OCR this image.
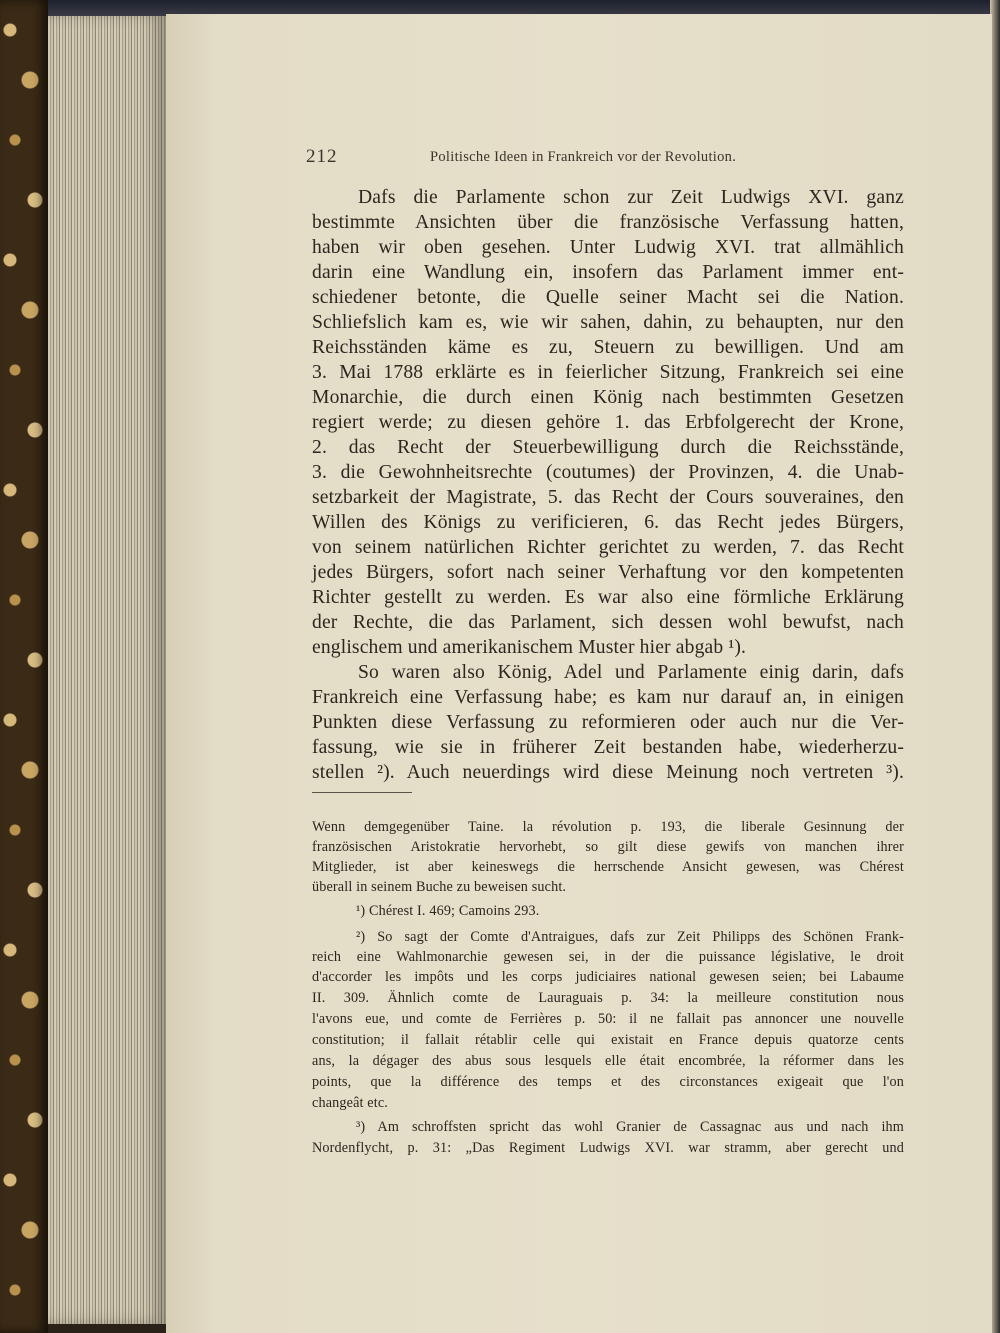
212	Politische Ideen in Frankreich vor der Revolution.
Dafs die Parlamente schon zur Zeit Ludwigs XVI. ganz
bestimmte Ansichten über die französische Verfassung hatten,
haben wir oben gesehen. Unter Ludwig XVI. trat allmählich
darin eine Wandlung ein, insofern das Parlament immer ent-
schiedener betonte, die Quelle seiner Macht sei die Nation.
Schliefslich kam es, wie wir sahen, dahin, zu behaupten, nur den
Reichsständen käme es zu, Steuern zu bewilligen. Und am
3. Mai 1788 erklärte es in feierlicher Sitzung, Frankreich sei eine
Monarchie, die durch einen König nach bestimmten Gesetzen
regiert werde; zu diesen gehöre 1. das Erbfolgerecht der Krone,
2. das Recht der Steuerbewilligung durch die Reichsstände,
3. die Gewohnheitsrechte (coutumes) der Provinzen, 4. die Unab-
setzbarkeit der Magistrate, 5. das Recht der Cours souveraines, den
Willen des Königs zu verificieren, 6. das Recht jedes Bürgers,
von seinem natürlichen Richter gerichtet zu werden, 7. das Recht
jedes Bürgers, sofort nach seiner Verhaftung vor den kompetenten
Richter gestellt zu werden. Es war also eine förmliche Erklärung
der Rechte, die das Parlament, sich dessen wohl bewufst, nach
englischem und amerikanischem Muster hier abgab ¹).
So waren also König, Adel und Parlamente einig darin, dafs
Frankreich eine Verfassung habe; es kam nur darauf an, in einigen
Punkten diese Verfassung zu reformieren oder auch nur die Ver-
fassung, wie sie in früherer Zeit bestanden habe, wiederherzu-
stellen ²). Auch neuerdings wird diese Meinung noch vertreten ³).
Wenn demgegenüber Taine. la révolution p. 193, die liberale Gesinnung der
französischen Aristokratie hervorhebt, so gilt diese gewifs von manchen ihrer
Mitglieder, ist aber keineswegs die herrschende Ansicht gewesen, was Chérest
überall in seinem Buche zu beweisen sucht.
¹) Chérest I. 469; Camoins 293.
²) So sagt der Comte d'Antraigues, dafs zur Zeit Philipps des Schönen Frank-
reich eine Wahlmonarchie gewesen sei, in der die puissance législative, le droit
d'accorder les impôts und les corps judiciaires national gewesen seien; bei Labaume
II. 309. Ähnlich comte de Lauraguais p. 34: la meilleure constitution nous
l'avons eue, und comte de Ferrières p. 50: il ne fallait pas annoncer une nouvelle
constitution; il fallait rétablir celle qui existait en France depuis quatorze cents
ans, la dégager des abus sous lesquels elle était encombrée, la réformer dans les
points, que la différence des temps et des circonstances exigeait que l'on
changeât etc.
³) Am schroffsten spricht das wohl Granier de Cassagnac aus und nach ihm
Nordenflycht, p. 31: „Das Regiment Ludwigs XVI. war stramm, aber gerecht und
